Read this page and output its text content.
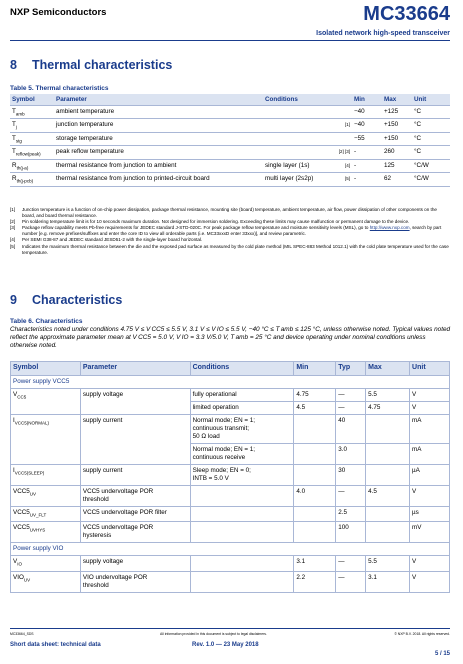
NXP Semiconductors	MC33664
Isolated network high-speed transceiver
8 Thermal characteristics
Table 5. Thermal characteristics
Symbol	Parameter	Conditions	Min	Max	Unit
$T_{amb}$	ambient temperature		−40	+125	°C
$T_j$	junction temperature	[1]	−40	+150	°C
$T_{stg}$	storage temperature		−55	+150	°C
$T_{reflow(peak)}$	peak reflow temperature	[2] [3]	-	260	°C
$R_{th(j-a)}$	thermal resistance from junction to ambient	single layer (1s) [4]	-	125	°C/W
$R_{th(j-pcb)}$	thermal resistance from junction to printed-circuit board	multi layer (2s2p) [5]	-	62	°C/W
[1]	Junction temperature is a function of on-chip power dissipation, package thermal resistance, mounting site (board) temperature, ambient temperature, air flow, power dissipation of other components on the board, and board thermal resistance.
[2]	Pin soldering temperature limit is for 10 seconds maximum duration. Not designed for immersion soldering. Exceeding these limits may cause malfunction or permanent damage to the device.
[3]	Package reflow capability meets Pb-free requirements for JEDEC standard J-STD-020C. For peak package reflow temperature and moisture sensitivity levels (MSL), go to http://www.nxp.com, search by part number [e.g. remove prefixes/suffixes and enter the core ID to view all orderable parts (i.e. MC33xxxD enter 33xxx)], and review parametric.
[4]	Per SEMI G38-87 and JEDEC standard JESD51-2 with the single-layer board horizontal.
[5]	Indicates the maximum thermal resistance between the die and the exposed pad surface as measured by the cold plate method (MIL SPEC-883 Method 1012.1) with the cold plate temperature used for the case temperature.
9 Characteristics
Table 6. Characteristics
Characteristics noted under conditions 4.75 V ≤ V CC5 ≤ 5.5 V, 3.1 V ≤ V IO ≤ 5.5 V, −40 °C ≤ T amb ≤ 125 °C, unless otherwise noted. Typical values noted reflect the approximate parameter mean at V CC5 = 5.0 V, V IO = 3.3 V/5.0 V, T amb = 25 °C and device operating under nominal conditions unless otherwise noted.
Symbol	Parameter	Conditions	Min	Typ	Max	Unit
Power supply VCC5						
$V_{CC5}$	supply voltage	fully operational	4.75	—	5.5	V
		limited operation	4.5	—	4.75	V
$I_{VCC5(NORMAL)}$	supply current	Normal mode; EN = 1;
continuous transmit;
50 Ω load		40		mA

		Normal mode; EN = 1;
continuous receive		3.0		mA
$I_{VCC5(SLEEP)}$	supply current	Sleep mode; EN = 0;
INTB = 5.0 V		30		µA
$VCC5_{UV}$	VCC5 undervoltage POR
threshold		4.0	—	4.5	V
$VCC5_{UV\_FLT}$	VCC5 undervoltage POR filter			2.5		µs
$VCC5_{UVHYS}$	VCC5 undervoltage POR
hysteresis			100		mV
Power supply VIO						
$V_{IO}$	supply voltage		3.1	—	5.5	V
$VIO_{UV}$	VIO undervoltage POR
threshold		2.2	—	3.1	V
MC33664_SDS	All information provided in this document is subject to legal disclaimers.	© NXP B.V. 2018. All rights reserved.
Short data sheet: technical data	Rev. 1.0 — 23 May 2018
5 / 15
